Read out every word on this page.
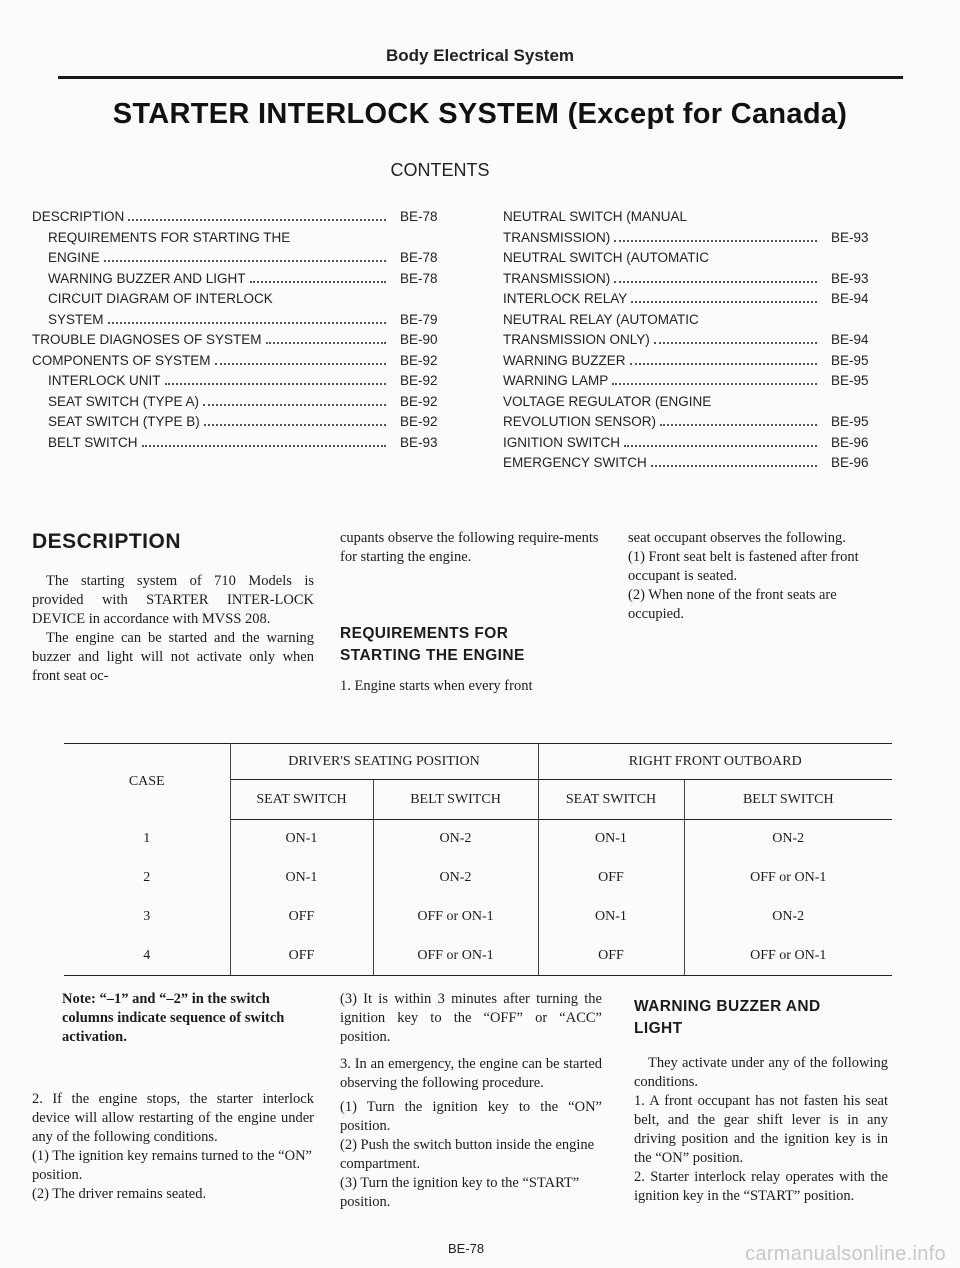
Body Electrical System
STARTER INTERLOCK SYSTEM (Except for Canada)
CONTENTS
DESCRIPTION	BE-78
REQUIREMENTS FOR STARTING THE
ENGINE	BE-78
WARNING BUZZER AND LIGHT	BE-78
CIRCUIT DIAGRAM OF INTERLOCK
SYSTEM	BE-79
TROUBLE DIAGNOSES OF SYSTEM	BE-90
COMPONENTS OF SYSTEM	BE-92
INTERLOCK UNIT	BE-92
SEAT SWITCH (TYPE A)	BE-92
SEAT SWITCH (TYPE B)	BE-92
BELT SWITCH	BE-93
NEUTRAL SWITCH (MANUAL
TRANSMISSION)	BE-93
NEUTRAL SWITCH (AUTOMATIC
TRANSMISSION)	BE-93
INTERLOCK RELAY	BE-94
NEUTRAL RELAY (AUTOMATIC
TRANSMISSION ONLY)	BE-94
WARNING BUZZER	BE-95
WARNING LAMP	BE-95
VOLTAGE REGULATOR (ENGINE
REVOLUTION SENSOR)	BE-95
IGNITION SWITCH	BE-96
EMERGENCY SWITCH	BE-96

DESCRIPTION

The starting system of 710 Models is provided with STARTER INTER-LOCK DEVICE in accordance with MVSS 208.

The engine can be started and the warning buzzer and light will not activate only when front seat oc-

cupants observe the following require-ments for starting the engine.

REQUIREMENTS FOR

STARTING THE ENGINE

1. Engine starts when every front

seat occupant observes the following.

(1) Front seat belt is fastened after front occupant is seated.

(2) When none of the front seats are occupied.

CASE	DRIVER'S SEATING POSITION		RIGHT FRONT OUTBOARD	
	SEAT SWITCH	BELT SWITCH	SEAT SWITCH	BELT SWITCH
1	ON-1	ON-2	ON-1	ON-2
2	ON-1	ON-2	OFF	OFF or ON-1
3	OFF	OFF or ON-1	ON-1	ON-2
4	OFF	OFF or ON-1	OFF	OFF or ON-1
Note: “–1” and “–2” in the switch columns indicate sequence of switch activation.

2. If the engine stops, the starter interlock device will allow restarting of the engine under any of the following conditions.

(1) The ignition key remains turned to the “ON” position.

(2) The driver remains seated.

(3) It is within 3 minutes after turning the ignition key to the “OFF” or “ACC” position.

3. In an emergency, the engine can be started observing the following procedure.

(1) Turn the ignition key to the “ON” position.

(2) Push the switch button inside the engine compartment.

(3) Turn the ignition key to the “START” position.

WARNING BUZZER AND

LIGHT

They activate under any of the following conditions.

1. A front occupant has not fasten his seat belt, and the gear shift lever is in any driving position and the ignition key is in the “ON” position.

2. Starter interlock relay operates with the ignition key in the “START” position.

BE-78	carmanualsonline.info
